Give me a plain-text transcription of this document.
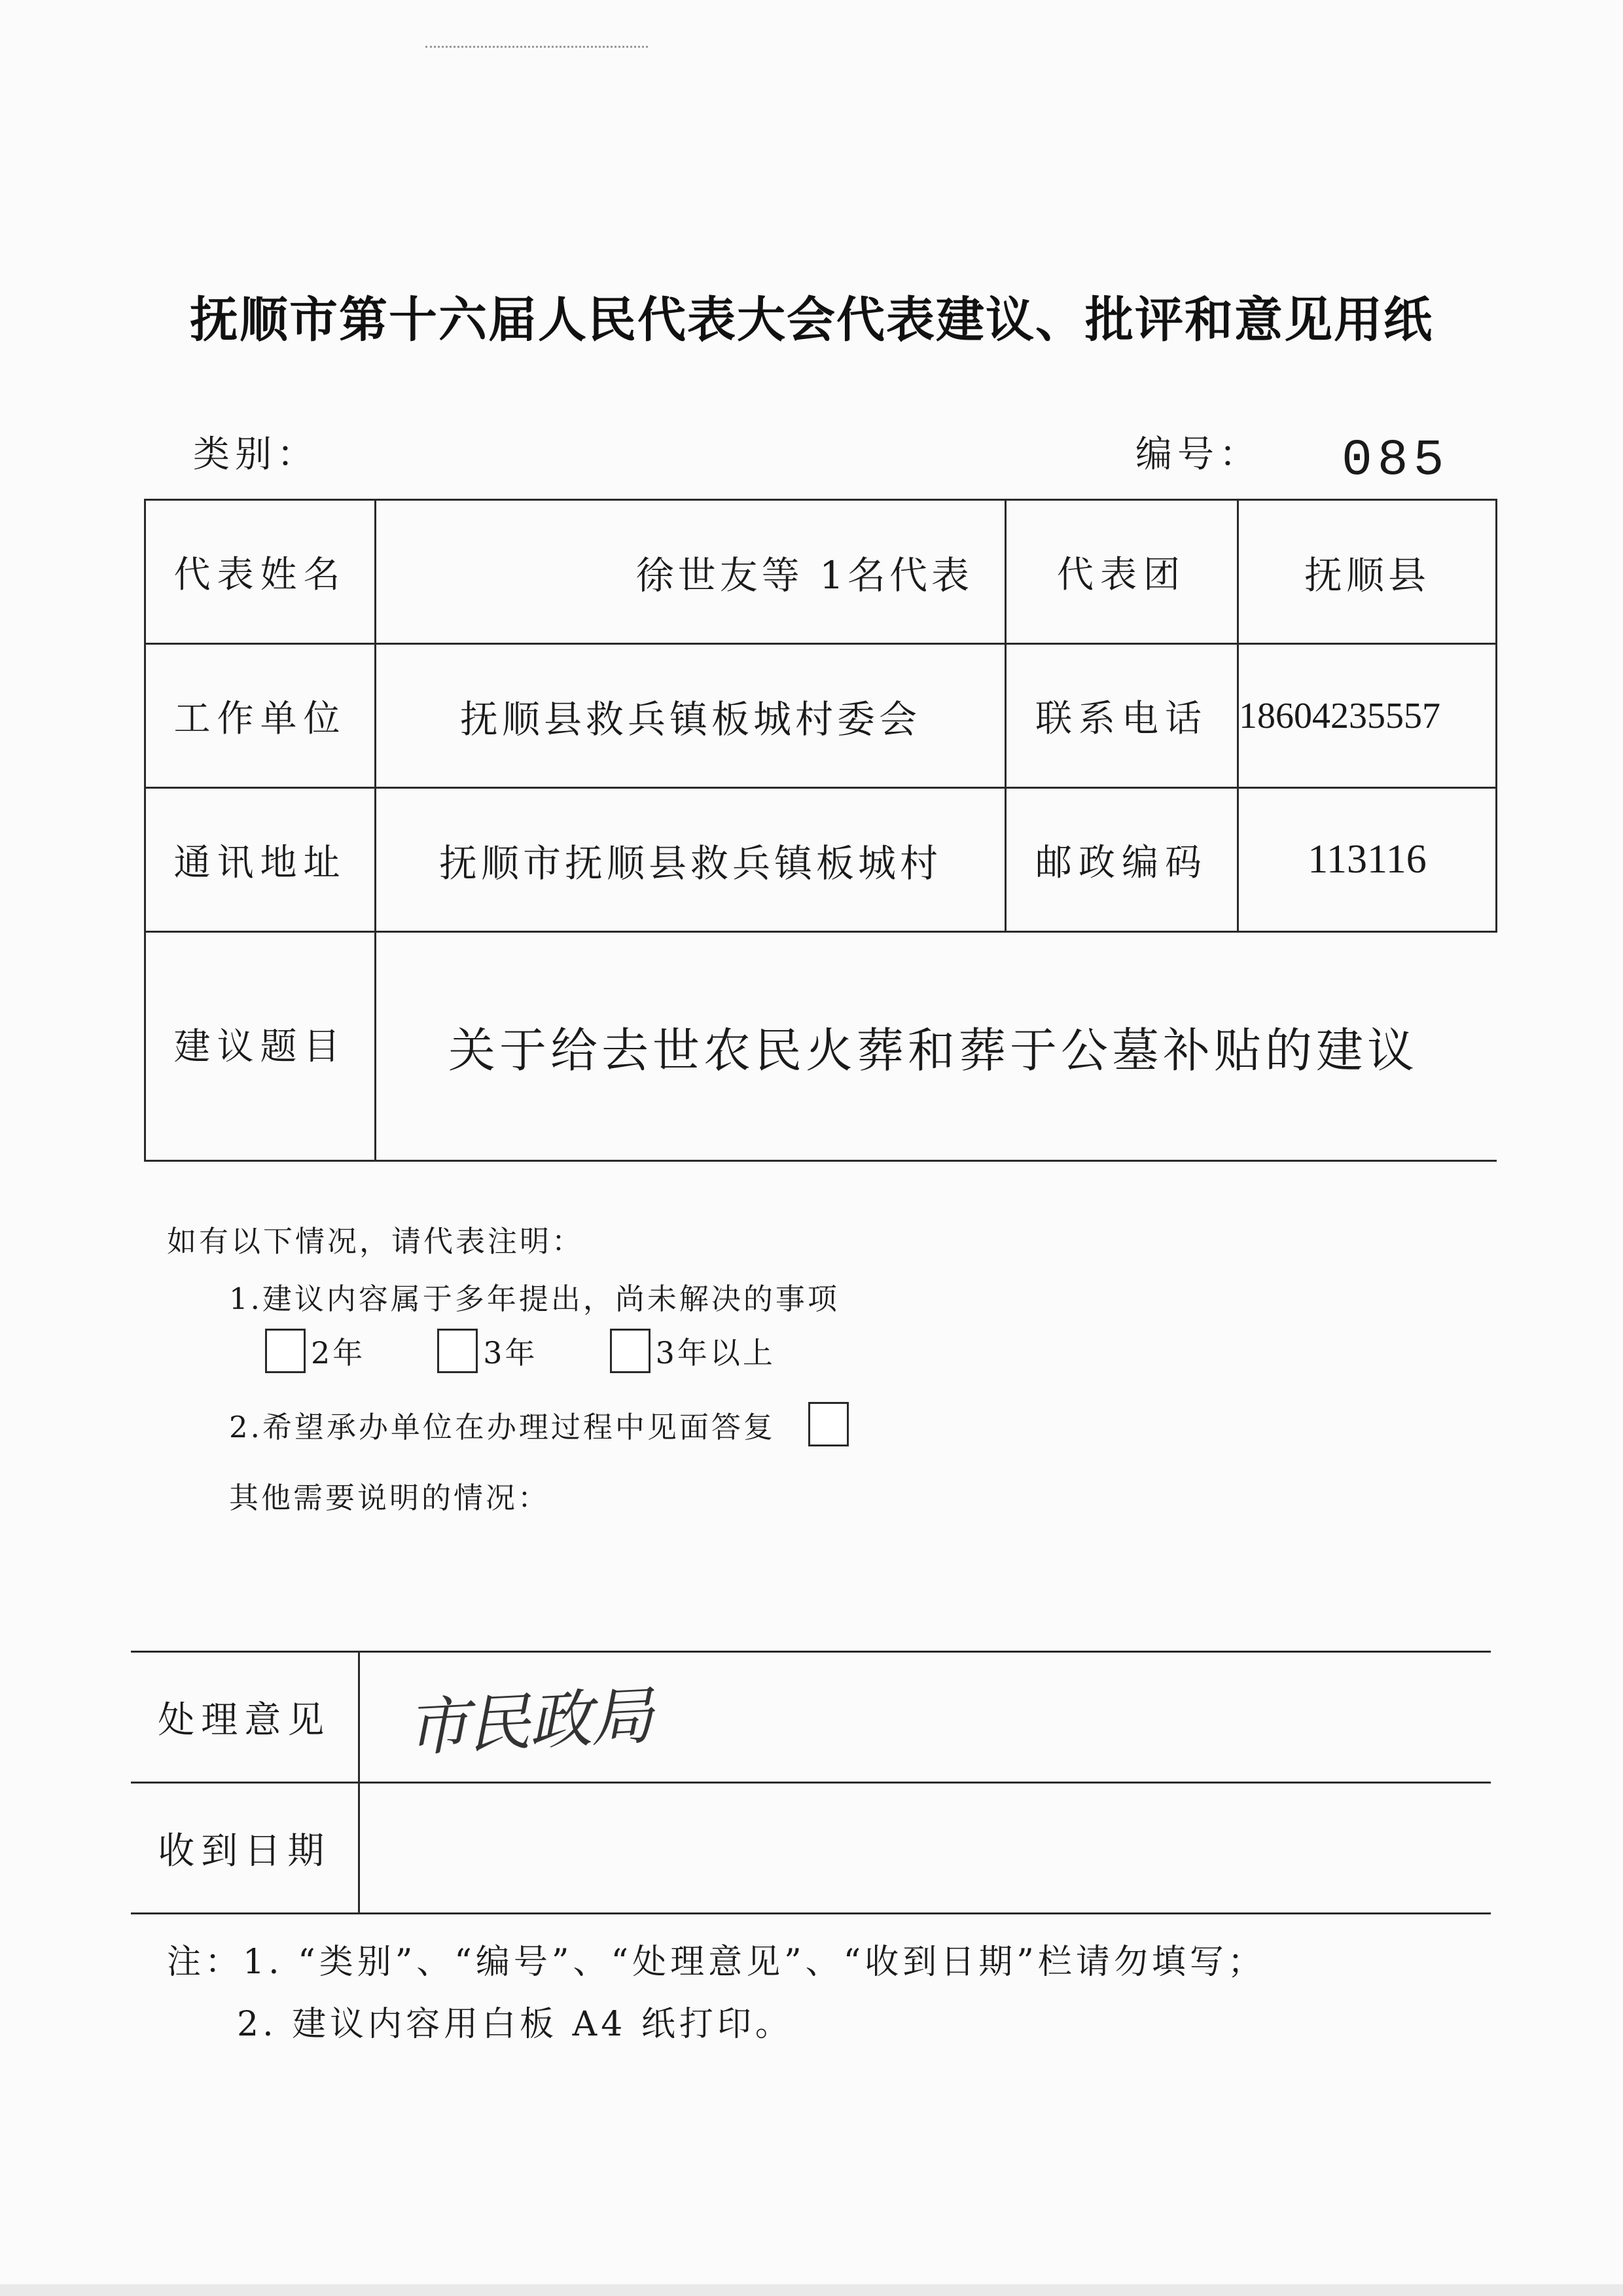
抚顺市第十六届人民代表大会代表建议、批评和意见用纸
类别：	编号： 085
代表姓名	徐世友等 1名代表	代表团	抚顺县
工作单位	抚顺县救兵镇板城村委会	联系电话	18604235557
通讯地址	抚顺市抚顺县救兵镇板城村	邮政编码	113116
建议题目	关于给去世农民火葬和葬于公墓补贴的建议		
如有以下情况，请代表注明：
1.建议内容属于多年提出，尚未解决的事项
2年	3年	3年以上
2.希望承办单位在办理过程中见面答复
其他需要说明的情况：
处理意见	市民政局
收到日期	
注：1. “类别”、“编号”、“处理意见”、“收到日期”栏请勿填写；
2. 建议内容用白板 A4 纸打印。
